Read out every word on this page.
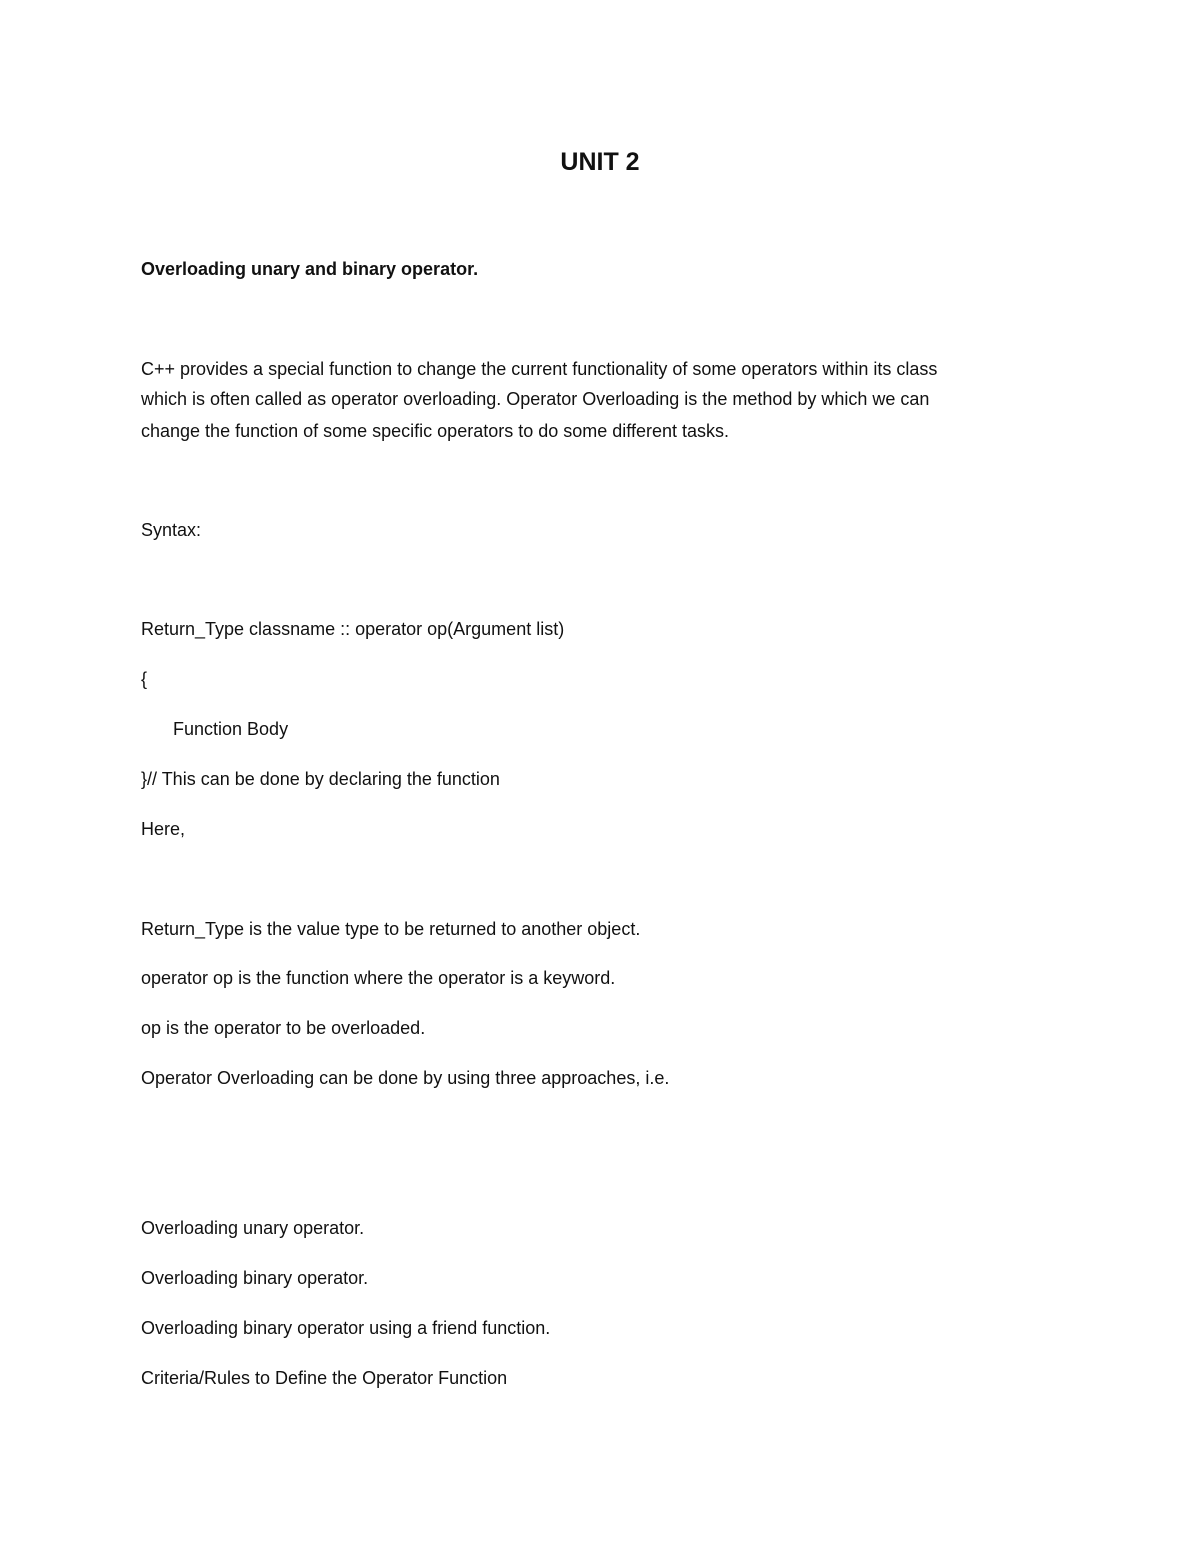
UNIT 2

Overloading unary and binary operator.

C++ provides a special function to change the current functionality of some operators within its class

which is often called as operator overloading. Operator Overloading is the method by which we can

change the function of some specific operators to do some different tasks.

Syntax:

Return_Type classname :: operator op(Argument list)

{

Function Body

}// This can be done by declaring the function

Here,

Return_Type is the value type to be returned to another object.

operator op is the function where the operator is a keyword.

op is the operator to be overloaded.

Operator Overloading can be done by using three approaches, i.e.

Overloading unary operator.

Overloading binary operator.

Overloading binary operator using a friend function.

Criteria/Rules to Define the Operator Function
